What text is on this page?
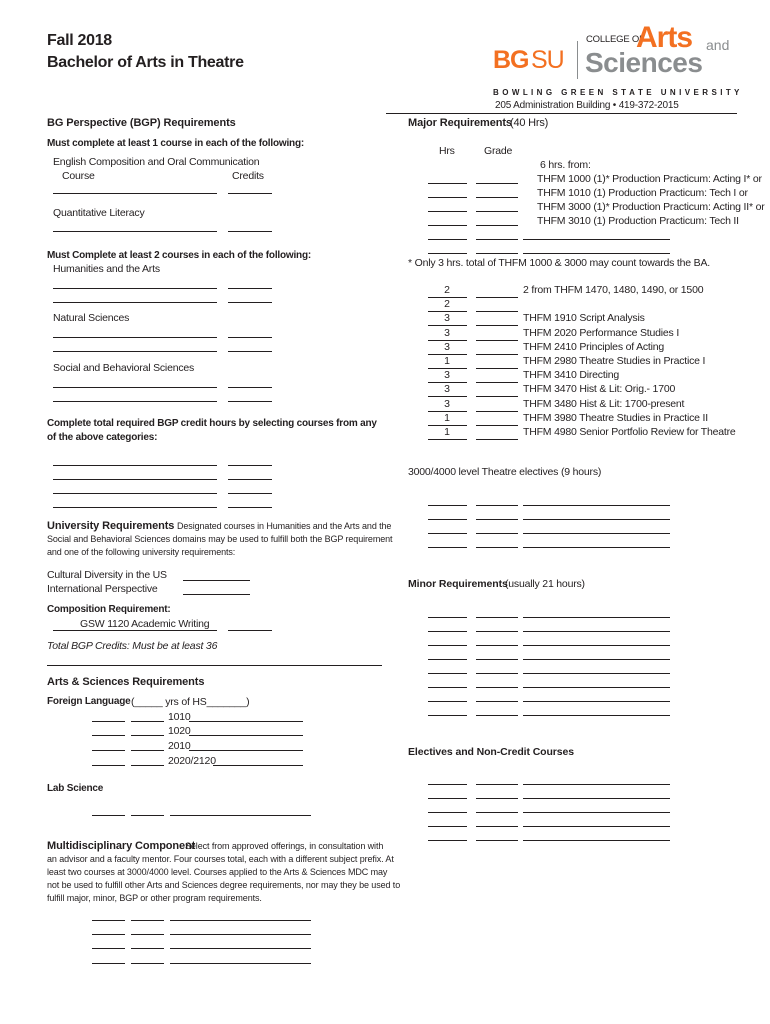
Fall 2018
Bachelor of Arts in Theatre	BG SU
COLLEGE OF
Arts and
Sciences
B O W L I N G   G R E E N   S T A T E   U N I V E R S I T Y
205 Administration Building • 419-372-2015
BG Perspective (BGP) Requirements
Must complete at least 1 course in each of the following:
English Composition and Oral Communication
Course	Credits
Quantitative Literacy
Must Complete at least 2 courses in each of the following:
Humanities and the Arts
Natural Sciences
Social and Behavioral Sciences
Complete total required BGP credit hours by selecting courses from any
of the above categories:
University Requirements Designated courses in Humanities and the Arts and the
Social and Behavioral Sciences domains may be used to fulfill both the BGP requirement
and one of the following university requirements:
Cultural Diversity in the US
International Perspective
Composition Requirement:
GSW 1120 Academic Writing
Total BGP Credits: Must be at least 36
Arts & Sciences Requirements
Foreign Language (_____ yrs of HS_______)
1010
1020
2010
2020/2120
Lab Science
Multidisciplinary Component
Select from approved offerings, in consultation with
an advisor and a faculty mentor. Four courses total, each with a different subject prefix. At
least two courses at 3000/4000 level. Courses applied to the Arts & Sciences MDC may
not be used to fulfill other Arts and Sciences degree requirements, nor may they be used to
fulfill major, minor, BGP or other program requirements.
Major Requirements
(40 Hrs)
Hrs	Grade
6 hrs. from:
THFM 1000 (1)* Production Practicum: Acting I* or
THFM 1010 (1) Production Practicum: Tech I or
THFM 3000 (1)* Production Practicum: Acting II* or
THFM 3010 (1) Production Practicum: Tech II
* Only 3 hrs. total of THFM 1000 & 3000 may count towards the BA.
2	2 from THFM 1470, 1480, 1490, or 1500
2
3	THFM 1910 Script Analysis
3	THFM 2020 Performance Studies I
3	THFM 2410 Principles of Acting
1	THFM 2980 Theatre Studies in Practice I
3	THFM 3410 Directing
3	THFM 3470 Hist & Lit: Orig.- 1700
3	THFM 3480 Hist & Lit: 1700-present
1	THFM 3980 Theatre Studies in Practice II
1	THFM 4980 Senior Portfolio Review for Theatre
3000/4000 level Theatre electives (9 hours)
Minor Requirements
(usually 21 hours)
Electives and Non-Credit Courses
